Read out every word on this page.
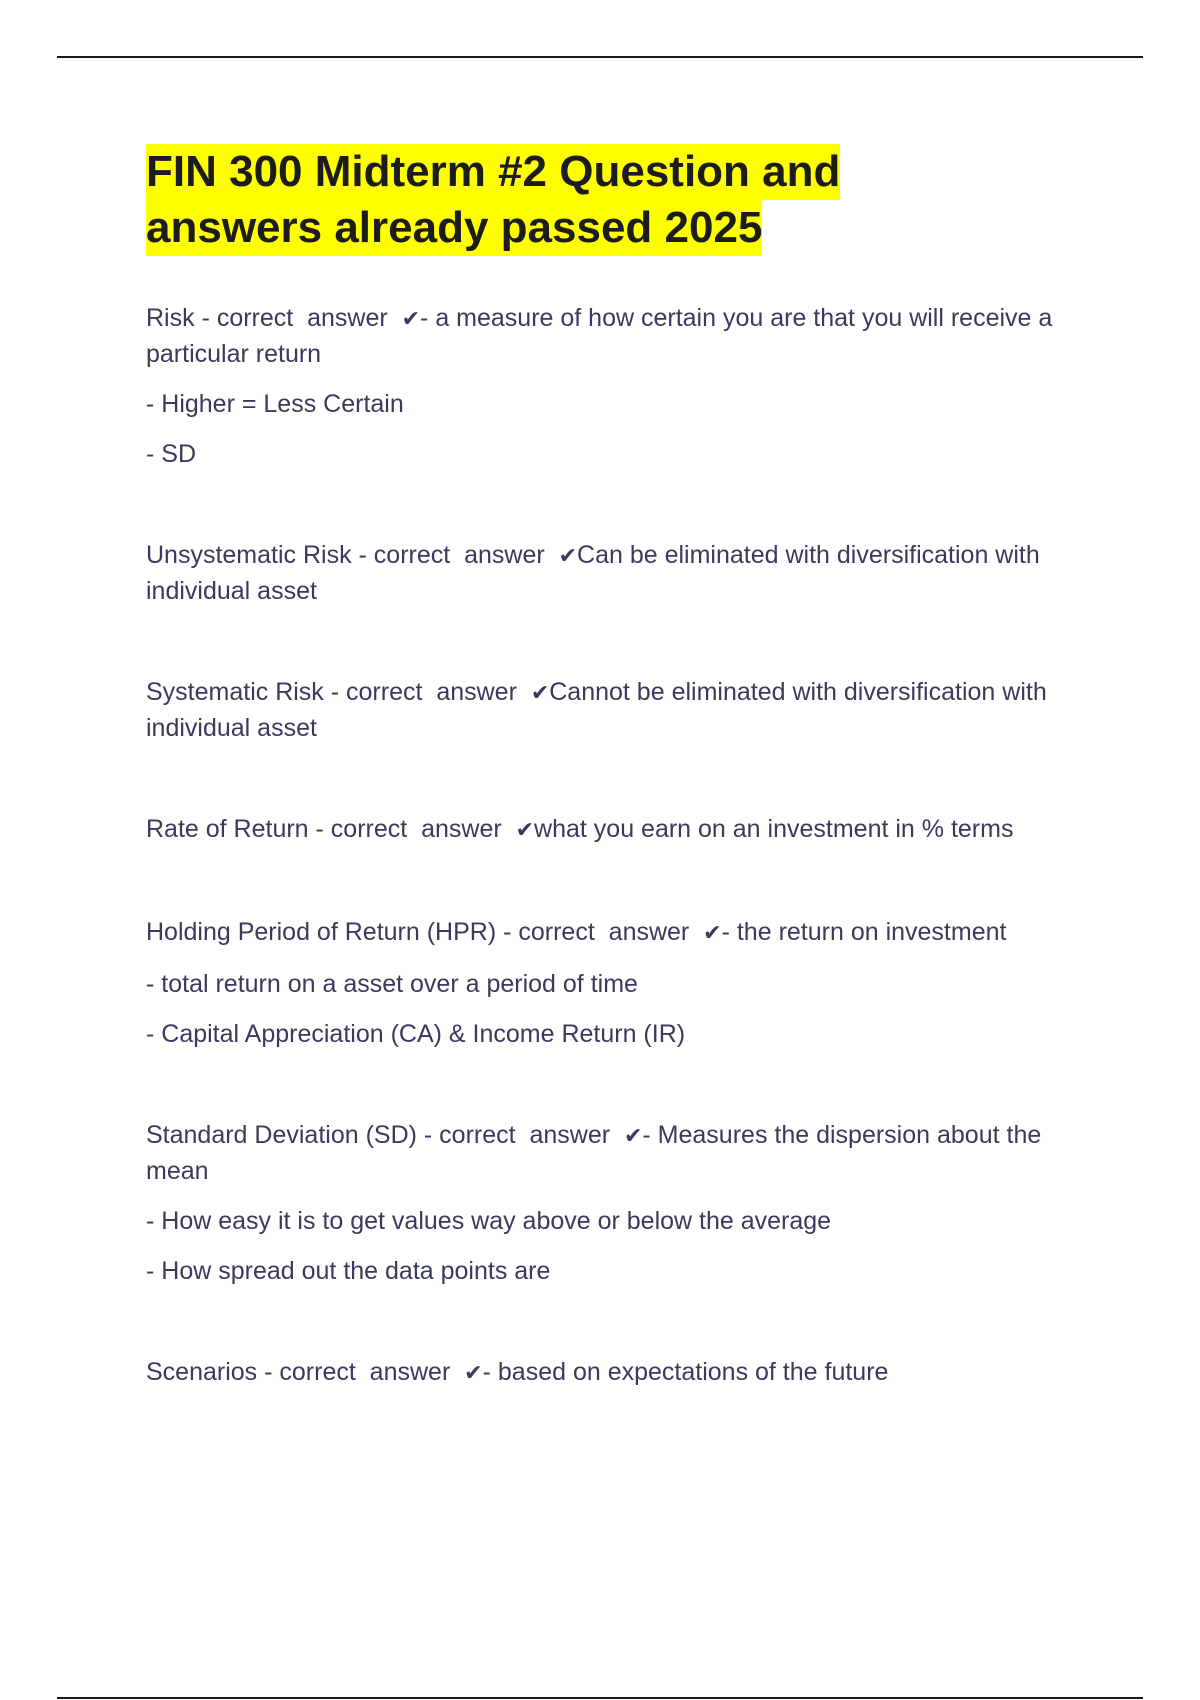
FIN 300 Midterm #2 Question and
answers already passed 2025

Risk - correct  answer  ✔- a measure of how certain you are that you will receive a particular return

- Higher = Less Certain

- SD

Unsystematic Risk - correct  answer  ✔Can be eliminated with diversification with individual asset

Systematic Risk - correct  answer  ✔Cannot be eliminated with diversification with individual asset

Rate of Return - correct  answer  ✔what you earn on an investment in % terms

Holding Period of Return (HPR) - correct  answer  ✔- the return on investment

- total return on a asset over a period of time

- Capital Appreciation (CA) & Income Return (IR)

Standard Deviation (SD) - correct  answer  ✔- Measures the dispersion about the mean

- How easy it is to get values way above or below the average

- How spread out the data points are

Scenarios - correct  answer  ✔- based on expectations of the future
